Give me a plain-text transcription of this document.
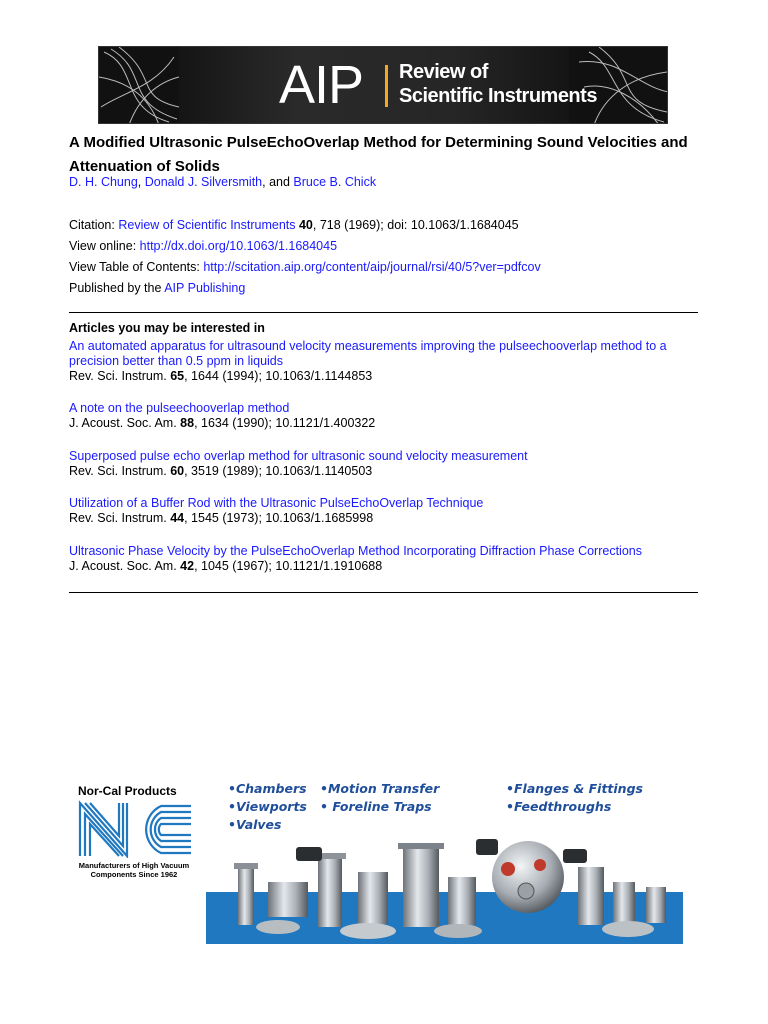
AIP Review of
Scientific Instruments
A Modified Ultrasonic PulseEchoOverlap Method for Determining Sound Velocities and Attenuation of Solids
D. H. Chung, Donald J. Silversmith, and Bruce B. Chick
Citation: Review of Scientific Instruments 40, 718 (1969); doi: 10.1063/1.1684045
View online: http://dx.doi.org/10.1063/1.1684045
View Table of Contents: http://scitation.aip.org/content/aip/journal/rsi/40/5?ver=pdfcov
Published by the AIP Publishing
Articles you may be interested in
An automated apparatus for ultrasound velocity measurements improving the pulseechooverlap method to a precision better than 0.5 ppm in liquids
Rev. Sci. Instrum. 65, 1644 (1994); 10.1063/1.1144853
A note on the pulseechooverlap method
J. Acoust. Soc. Am. 88, 1634 (1990); 10.1121/1.400322
Superposed pulse echo overlap method for ultrasonic sound velocity measurement
Rev. Sci. Instrum. 60, 3519 (1989); 10.1063/1.1140503
Utilization of a Buffer Rod with the Ultrasonic PulseEchoOverlap Technique
Rev. Sci. Instrum. 44, 1545 (1973); 10.1063/1.1685998
Ultrasonic Phase Velocity by the PulseEchoOverlap Method Incorporating Diffraction Phase Corrections
J. Acoust. Soc. Am. 42, 1045 (1967); 10.1121/1.1910688
Nor-Cal Products
Manufacturers of High Vacuum Components Since 1962
www.n-c.com
800-824-4166
•Chambers
•Viewports
•Valves
•Motion Transfer
• Foreline Traps
•Flanges & Fittings
•Feedthroughs
